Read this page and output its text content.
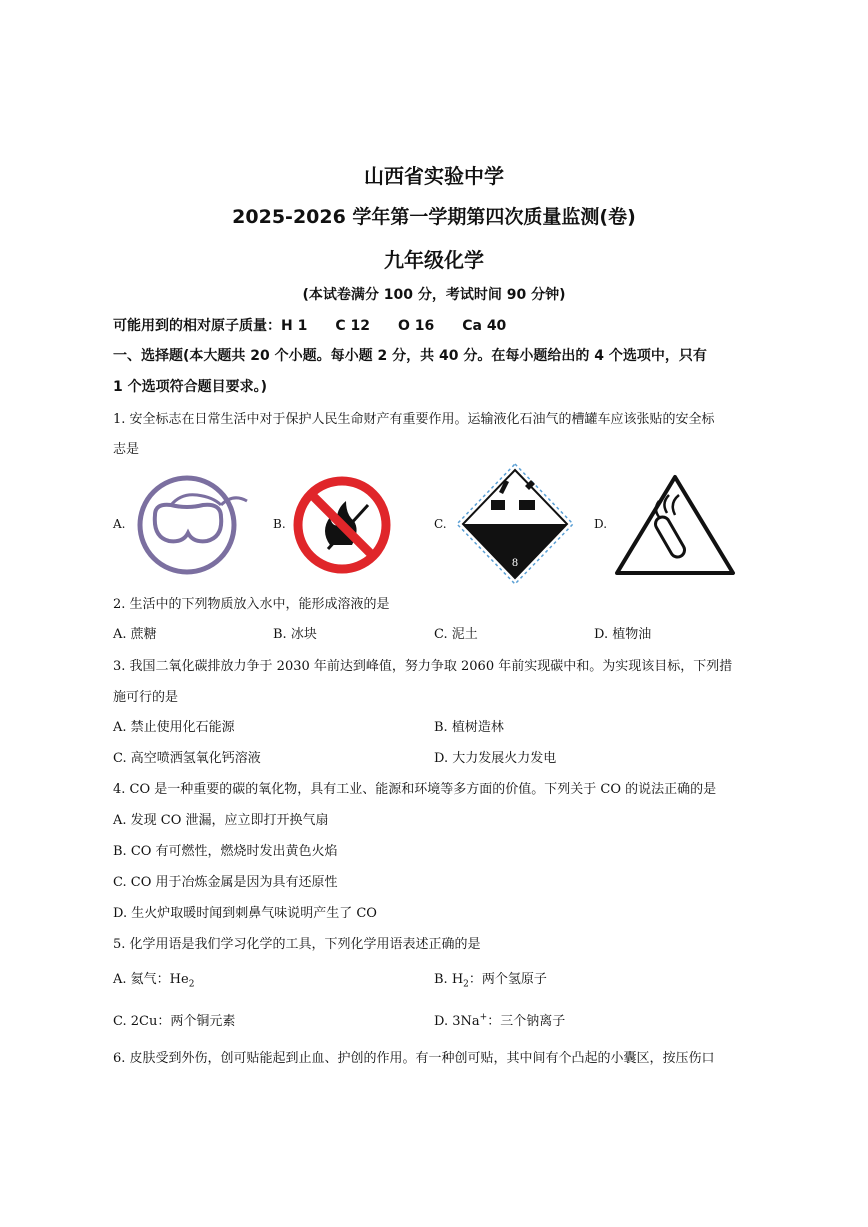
山西省实验中学
2025-2026 学年第一学期第四次质量监测(卷)
九年级化学
(本试卷满分 100 分，考试时间 90 分钟)
可能用到的相对原子质量：H 1　　C 12　　O 16　　Ca 40
一、选择题(本大题共 20 个小题。每小题 2 分，共 40 分。在每小题给出的 4 个选项中，只有
1 个选项符合题目要求。)
1. 安全标志在日常生活中对于保护人民生命财产有重要作用。运输液化石油气的槽罐车应该张贴的安全标
志是
A.	B.	C.
8
D.
2. 生活中的下列物质放入水中，能形成溶液的是
A. 蔗糖	B. 冰块	C. 泥土	D. 植物油
3. 我国二氧化碳排放力争于 2030 年前达到峰值，努力争取 2060 年前实现碳中和。为实现该目标，下列措
施可行的是
A. 禁止使用化石能源	B. 植树造林
C. 高空喷洒氢氧化钙溶液	D. 大力发展火力发电
4. CO 是一种重要的碳的氧化物，具有工业、能源和环境等多方面的价值。下列关于 CO 的说法正确的是
A. 发现 CO 泄漏，应立即打开换气扇
B. CO 有可燃性，燃烧时发出黄色火焰
C. CO 用于冶炼金属是因为具有还原性
D. 生火炉取暖时闻到刺鼻气味说明产生了 CO
5. 化学用语是我们学习化学的工具，下列化学用语表述正确的是
A. 氦气：$He_2$	B. $H_2$：两个氢原子
C. 2Cu：两个铜元素	D. 3Na+：三个钠离子
6. 皮肤受到外伤，创可贴能起到止血、护创的作用。有一种创可贴，其中间有个凸起的小囊区，按压伤口
